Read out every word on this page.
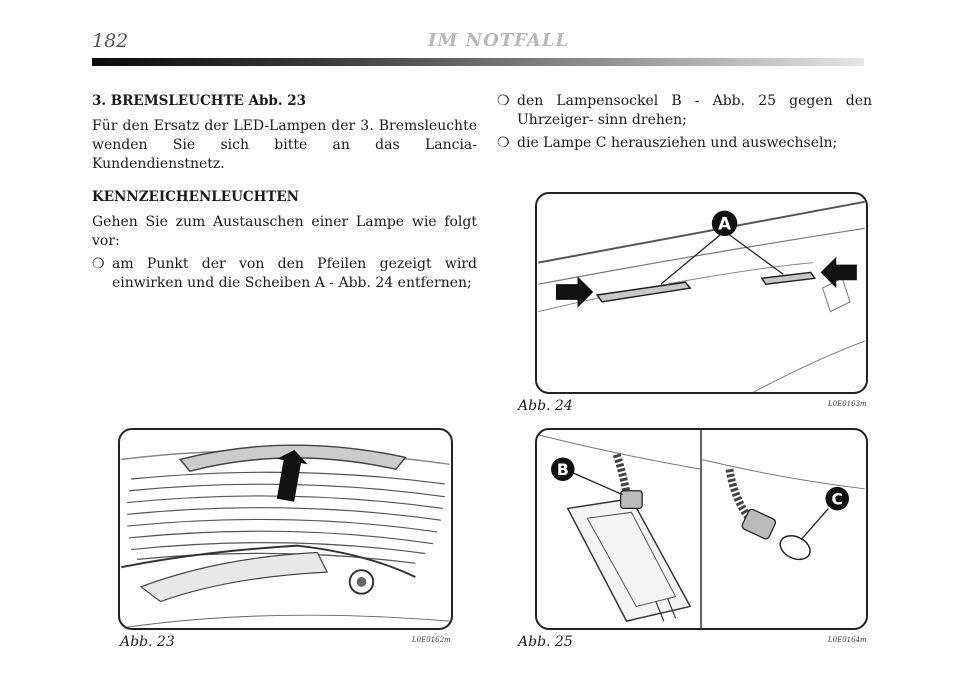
182	IM NOTFALL
3. BREMSLEUCHTE Abb. 23
Für den Ersatz der LED-Lampen der 3. Bremsleuchte wenden Sie sich bitte an das Lancia-Kundendienstnetz.
KENNZEICHENLEUCHTEN
Gehen Sie zum Austauschen einer Lampe wie folgt vor:
❍ am Punkt der von den Pfeilen gezeigt wird einwirken und die Scheiben A - Abb. 24 entfernen;
❍ den Lampensockel B - Abb. 25 gegen den Uhrzeiger- sinn drehen;
❍ die Lampe C herausziehen und auswechseln;
Abb. 23	L0E0162m
A
Abb. 24	L0E0163m
B
C
Abb. 25	L0E0164m
